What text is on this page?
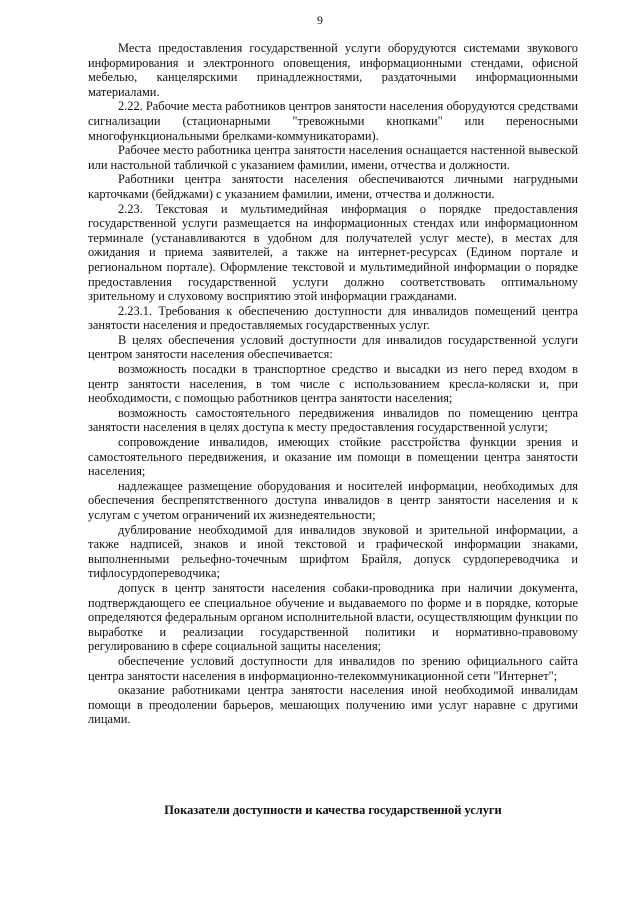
9

Места предоставления государственной услуги оборудуются системами звукового информирования и электронного оповещения, информационными стендами, офисной мебелью, канцелярскими принадлежностями, раздаточными информационными материалами.

2.22. Рабочие места работников центров занятости населения оборудуются средствами сигнализации (стационарными "тревожными кнопками" или переносными многофункциональными брелками-коммуникаторами).

Рабочее место работника центра занятости населения оснащается настенной вывеской или настольной табличкой с указанием фамилии, имени, отчества и должности.

Работники центра занятости населения обеспечиваются личными нагрудными карточками (бейджами) с указанием фамилии, имени, отчества и должности.

2.23. Текстовая и мультимедийная информация о порядке предоставления государственной услуги размещается на информационных стендах или информационном терминале (устанавливаются в удобном для получателей услуг месте), в местах для ожидания и приема заявителей, а также на интернет-ресурсах (Едином портале и региональном портале). Оформление текстовой и мультимедийной информации о порядке предоставления государственной услуги должно соответствовать оптимальному зрительному и слуховому восприятию этой информации гражданами.

2.23.1. Требования к обеспечению доступности для инвалидов помещений центра занятости населения и предоставляемых государственных услуг.

В целях обеспечения условий доступности для инвалидов государственной услуги центром занятости населения обеспечивается:

возможность посадки в транспортное средство и высадки из него перед входом в центр занятости населения, в том числе с использованием кресла-коляски и, при необходимости, с помощью работников центра занятости населения;

возможность самостоятельного передвижения инвалидов по помещению центра занятости населения в целях доступа к месту предоставления государственной услуги;

сопровождение инвалидов, имеющих стойкие расстройства функции зрения и самостоятельного передвижения, и оказание им помощи в помещении центра занятости населения;

надлежащее размещение оборудования и носителей информации, необходимых для обеспечения беспрепятственного доступа инвалидов в центр занятости населения и к услугам с учетом ограничений их жизнедеятельности;

дублирование необходимой для инвалидов звуковой и зрительной информации, а также надписей, знаков и иной текстовой и графической информации знаками, выполненными рельефно-точечным шрифтом Брайля, допуск сурдопереводчика и тифлосурдопереводчика;

допуск в центр занятости населения собаки-проводника при наличии документа, подтверждающего ее специальное обучение и выдаваемого по форме и в порядке, которые определяются федеральным органом исполнительной власти, осуществляющим функции по выработке и реализации государственной политики и нормативно-правовому регулированию в сфере социальной защиты населения;

обеспечение условий доступности для инвалидов по зрению официального сайта центра занятости населения в информационно-телекоммуникационной сети "Интернет";

оказание работниками центра занятости населения иной необходимой инвалидам помощи в преодолении барьеров, мешающих получению ими услуг наравне с другими лицами.

Показатели доступности и качества государственной услуги
